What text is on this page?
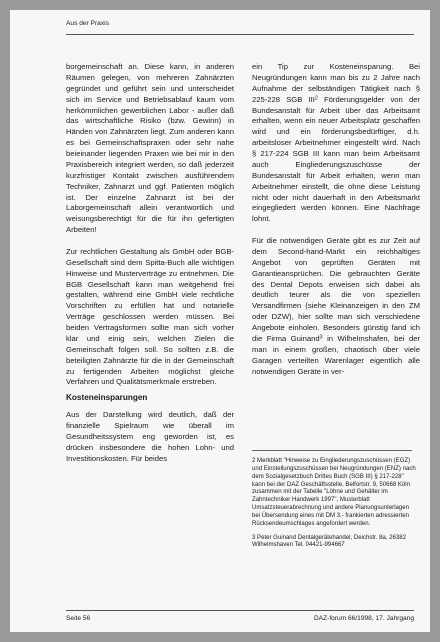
Aus der Praxis

borgemeinschaft an. Diese kann, in anderen Räumen gelegen, von mehreren Zahnärzten gegründet und geführt sein und unterscheidet sich im Service und Betriebsablauf kaum vom herkömmlichen gewerblichen Labor - außer daß das wirtschaftliche Risiko (bzw. Gewinn) in Händen von Zahnärzten liegt. Zum anderen kann es bei Gemeinschaftspraxen oder sehr nahe beieinander liegenden Praxen wie bei mir in den Praxisbereich integriert werden, so daß jederzeit kurzfristiger Kontakt zwischen ausführendem Techniker, Zahnarzt und ggf. Patienten möglich ist. Der einzelne Zahnarzt ist bei der Laborgemeinschaft allein verantwortlich und weisungsberechtigt für die für ihn gefertigten Arbeiten!

Zur rechtlichen Gestaltung als GmbH oder BGB-Gesellschaft sind dem Spitta-Buch alle wichtigen Hinweise und Musterverträge zu entnehmen. Die BGB Gesellschaft kann man weitgehend frei gestalten, während eine GmbH viele rechtliche Vorschriften zu erfüllen hat und notarielle Verträge geschlossen werden müssen. Bei beiden Vertragsformen sollte man sich vorher klar und einig sein, welchen Zielen die Gemeinschaft folgen soll. So sollten z.B. die beteiligten Zahnärzte für die in der Gemeinschaft zu fertigenden Arbeiten möglichst gleiche Verfahren und Qualitätsmerkmale erstreben.

Kosteneinsparungen

Aus der Darstellung wird deutlich, daß der finanzielle Spielraum wie überall im Gesundheitssystem eng geworden ist, es drücken insbesondere die hohen Lohn- und Investitionskosten. Für beides

ein Tip zur Kosteneinsparung. Bei Neugründungen kann man bis zu 2 Jahre nach Aufnahme der selbständigen Tätigkeit nach § 225-228 SGB III$^2$ Förderungsgelder von der Bundesanstalt für Arbeit über das Arbeitsamt erhalten, wenn ein neuer Arbeitsplatz geschaffen wird und ein förderungsbedürftiger, d.h. arbeitsloser Arbeitnehmer eingestellt wird. Nach § 217-224 SGB III kann man beim Arbeitsamt auch Eingliederungszuschüsse der Bundesanstalt für Arbeit erhalten, wenn man Arbeitnehmer einstellt, die ohne diese Leistung nicht oder nicht dauerhaft in den Arbeitsmarkt eingegliedert werden können. Eine Nachfrage lohnt.

Für die notwendigen Geräte gibt es zur Zeit auf dem Second-hand-Markt ein reichhaltiges Angebot von geprüften Geräten mit Garantieansprüchen. Die gebrauchten Geräte des Dental Depots erweisen sich dabei als deutlich teurer als die von speziellen Versandfirmen (siehe Kleinanzeigen in den ZM oder DZW), hier sollte man sich verschiedene Angebote einholen. Besonders günstig fand ich die Firma Guinand$^3$ in Wilhelmshafen, bei der man in einem großen, chaotisch über viele Garagen verteilten Warenlager eigentlich alle notwendigen Geräte in ver-

2 Merkblatt "Hinweise zu Eingliederungszuschüssen (EGZ) und Einstellungszuschüssen bei Neugründungen (ENZ) nach dem Sozialgesetzbuch Drittes Buch (SGB III) § 217-228" kann bei der DAZ Geschäftsstelle, Belfortstr. 9, 50668 Köln zusammen mit der Tabelle "Löhne und Gehälter im Zahntechniker Handwerk 1997", Musterblatt Umsatzsteuerabrechnung und andere Planungsunterlagen bei Übersendung eines mit DM 3.- frankierten adressierten Rücksendeumschlages angefordert werden.

3 Peter Guinand Dentalgerätehandel, Deichstr. 8a, 26382 Wilhelmshaven Tel. 04421-994667

Seite 56	DAZ-forum 66/1998, 17. Jahrgang
